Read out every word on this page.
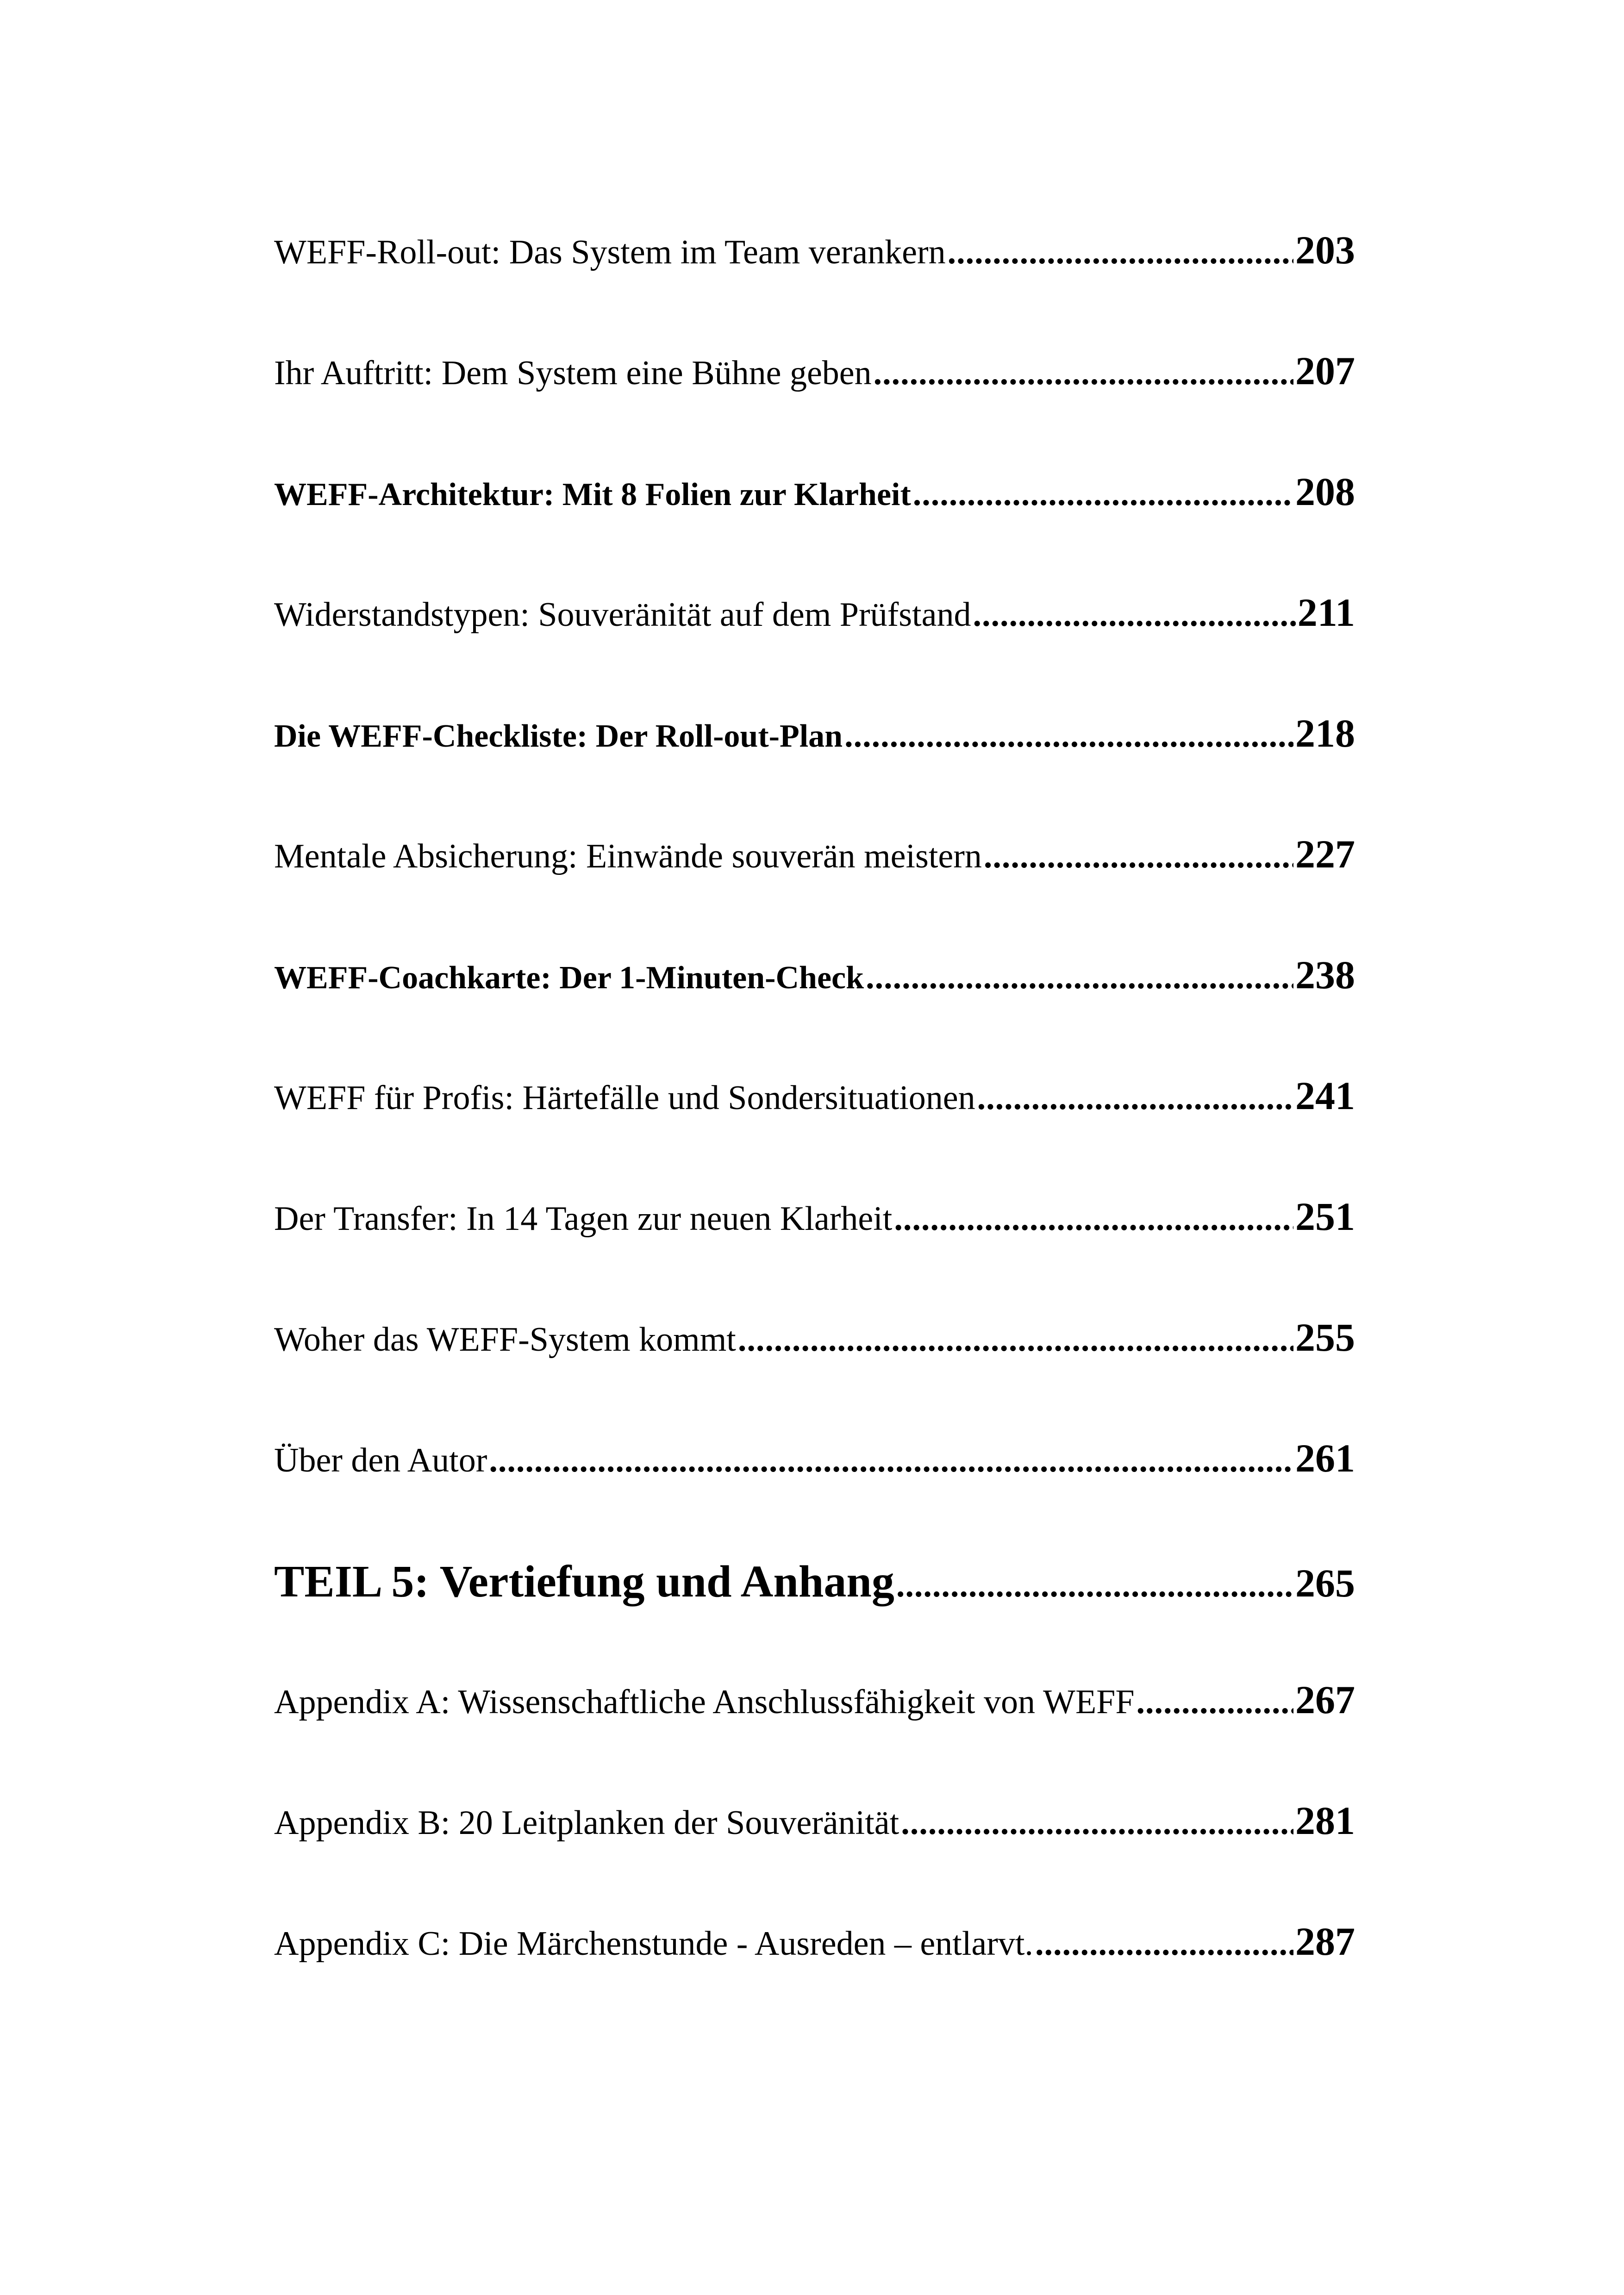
WEFF-Roll-out: Das System im Team verankern .....	203
Ihr Auftritt: Dem System eine Bühne geben .....	207
WEFF-Architektur: Mit 8 Folien zur Klarheit .....	208
Widerstandstypen: Souveränität auf dem Prüfstand .....	211
Die WEFF-Checkliste: Der Roll-out-Plan .....	218
Mentale Absicherung: Einwände souverän meistern .....	227
WEFF-Coachkarte: Der 1-Minuten-Check .....	238
WEFF für Profis: Härtefälle und Sondersituationen .....	241
Der Transfer: In 14 Tagen zur neuen Klarheit .....	251
Woher das WEFF-System kommt .....	255
Über den Autor .....	261
TEIL 5: Vertiefung und Anhang .....	265
Appendix A: Wissenschaftliche Anschlussfähigkeit von WEFF .....	267
Appendix B: 20 Leitplanken der Souveränität .....	281
Appendix C: Die Märchenstunde - Ausreden – entlarvt. .....	287
